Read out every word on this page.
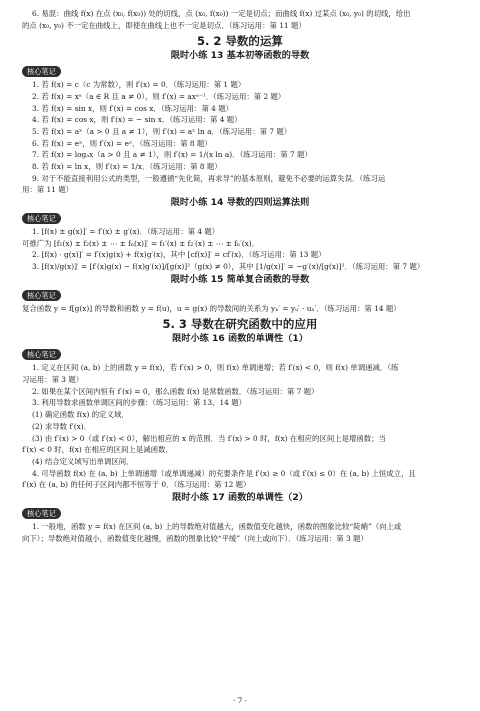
6. 易混：曲线 f(x) 在点 (x₀, f(x₀)) 处的切线，点 (x₀, f(x₀)) 一定是切点；而曲线 f(x) 过某点 (x₀, y₀) 的切线，给出

的点 (x₀, y₀) 不一定在曲线上，即使在曲线上也不一定是切点．（练习运用：第 11 题）

5. 2 导数的运算
限时小练 13 基本初等函数的导数
核心笔记

1. 若 f(x) = c（c 为常数），则 f′(x) = 0．（练习运用：第 1 题）

2. 若 f(x) = xᵃ（a ∈ R 且 a ≠ 0），则 f′(x) = axᵃ⁻¹．（练习运用：第 2 题）

3. 若 f(x) = sin x，则 f′(x) = cos x．（练习运用：第 4 题）

4. 若 f(x) = cos x，则 f′(x) = − sin x．（练习运用：第 4 题）

5. 若 f(x) = aˣ（a > 0 且 a ≠ 1），则 f′(x) = aˣ ln a．（练习运用：第 7 题）

6. 若 f(x) = eˣ，则 f′(x) = eˣ．（练习运用：第 8 题）

7. 若 f(x) = logₐx（a > 0 且 a ≠ 1），则 f′(x) = 1/(x ln a)．（练习运用：第 7 题）

8. 若 f(x) = ln x，则 f′(x) = 1/x．（练习运用：第 8 题）

9. 对于不能直接利用公式的类型，一般遵循“先化简，再求导”的基本原则，避免不必要的运算失误．（练习运

用：第 11 题）

限时小练 14 导数的四则运算法则
核心笔记

1. [f(x) ± g(x)]′ = f′(x) ± g′(x)．（练习运用：第 4 题）

可推广为 [f₁(x) ± f₂(x) ± ⋯ ± fₙ(x)]′ = f₁′(x) ± f₂′(x) ± ⋯ ± fₙ′(x)．

2. [f(x) · g(x)]′ = f′(x)g(x) + f(x)g′(x)，其中 [cf(x)]′ = cf′(x)．（练习运用：第 13 题）

3. [f(x)/g(x)]′ = [f′(x)g(x) − f(x)g′(x)]/[g(x)]²（g(x) ≠ 0），其中 [1/g(x)]′ = −g′(x)/[g(x)]²．（练习运用：第 7 题）

限时小练 15 简单复合函数的导数
核心笔记

复合函数 y = f[g(x)] 的导数和函数 y = f(u)，u = g(x) 的导数间的关系为 yₓ′ = yᵤ′ · uₓ′．（练习运用：第 14 题）

5. 3 导数在研究函数中的应用
限时小练 16 函数的单调性（1）
核心笔记

1. 定义在区间 (a, b) 上的函数 y = f(x)，若 f′(x) > 0，则 f(x) 单调递增；若 f′(x) < 0，则 f(x) 单调递减．（练

习运用：第 3 题）

2. 如果在某个区间内恒有 f′(x) = 0，那么函数 f(x) 是常数函数．（练习运用：第 7 题）

3. 利用导数求函数单调区间的步骤：（练习运用：第 13、14 题）

(1) 确定函数 f(x) 的定义域．

(2) 求导数 f′(x)．

(3) 由 f′(x) > 0（或 f′(x) < 0），解出相应的 x 的范围．当 f′(x) > 0 时，f(x) 在相应的区间上是增函数；当

f′(x) < 0 时，f(x) 在相应的区间上是减函数．

(4) 结合定义域写出单调区间．

4. 可导函数 f(x) 在 (a, b) 上单调递增（或单调递减）的充要条件是 f′(x) ≥ 0（或 f′(x) ≤ 0）在 (a, b) 上恒成立，且

f′(x) 在 (a, b) 的任何子区间内都不恒等于 0．（练习运用：第 12 题）

限时小练 17 函数的单调性（2）
核心笔记

1. 一般地，函数 y = f(x) 在区间 (a, b) 上的导数绝对值越大，函数值变化越快，函数的图象比较“陡峭”（向上或

向下）；导数绝对值越小，函数值变化越慢，函数的图象比较“平缓”（向上或向下）．（练习运用：第 3 题）

· 7 ·
